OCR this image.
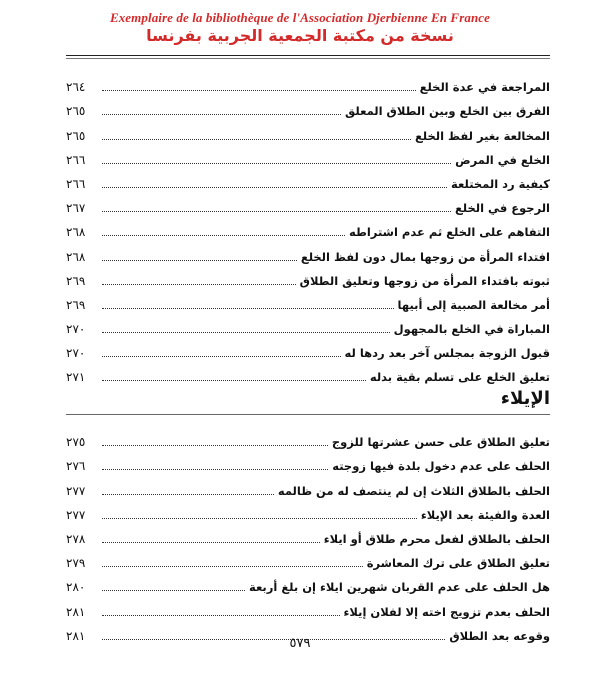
Exemplaire de la bibliothèque de l'Association Djerbienne En France
نسخة من مكتبة الجمعية الجربية بفرنسا
المراجعة في عدة الخلع
٢٦٤
الفرق بين الخلع وبين الطلاق المعلق
٢٦٥
المخالعة بغير لفظ الخلع
٢٦٥
الخلع في المرض
٢٦٦
كيفية رد المختلعة
٢٦٦
الرجوع في الخلع
٢٦٧
التفاهم على الخلع ثم عدم اشتراطه
٢٦٨
افتداء المرأة من زوجها بمال دون لفظ الخلع
٢٦٨
ثبوته بافتداء المرأة من زوجها وتعليق الطلاق
٢٦٩
أمر مخالعة الصبية إلى أبيها
٢٦٩
المباراة في الخلع بالمجهول
٢٧٠
قبول الزوجة بمجلس آخر بعد ردها له
٢٧٠
تعليق الخلع على تسلم بقية بدله
٢٧١
الإيلاء
تعليق الطلاق على حسن عشرتها للزوج
٢٧٥
الحلف على عدم دخول بلدة فيها زوجته
٢٧٦
الحلف بالطلاق الثلاث إن لم ينتصف له من ظالمه
٢٧٧
العدة والفيئة بعد الإيلاء
٢٧٧
الحلف بالطلاق لفعل محرم طلاق أو ايلاء
٢٧٨
تعليق الطلاق على ترك المعاشرة
٢٧٩
هل الحلف على عدم القربان شهرين ايلاء إن بلغ أربعة
٢٨٠
الحلف بعدم تزويج اخته إلا لفلان إيلاء
٢٨١
وقوعه بعد الطلاق
٢٨١
٥٧٩
